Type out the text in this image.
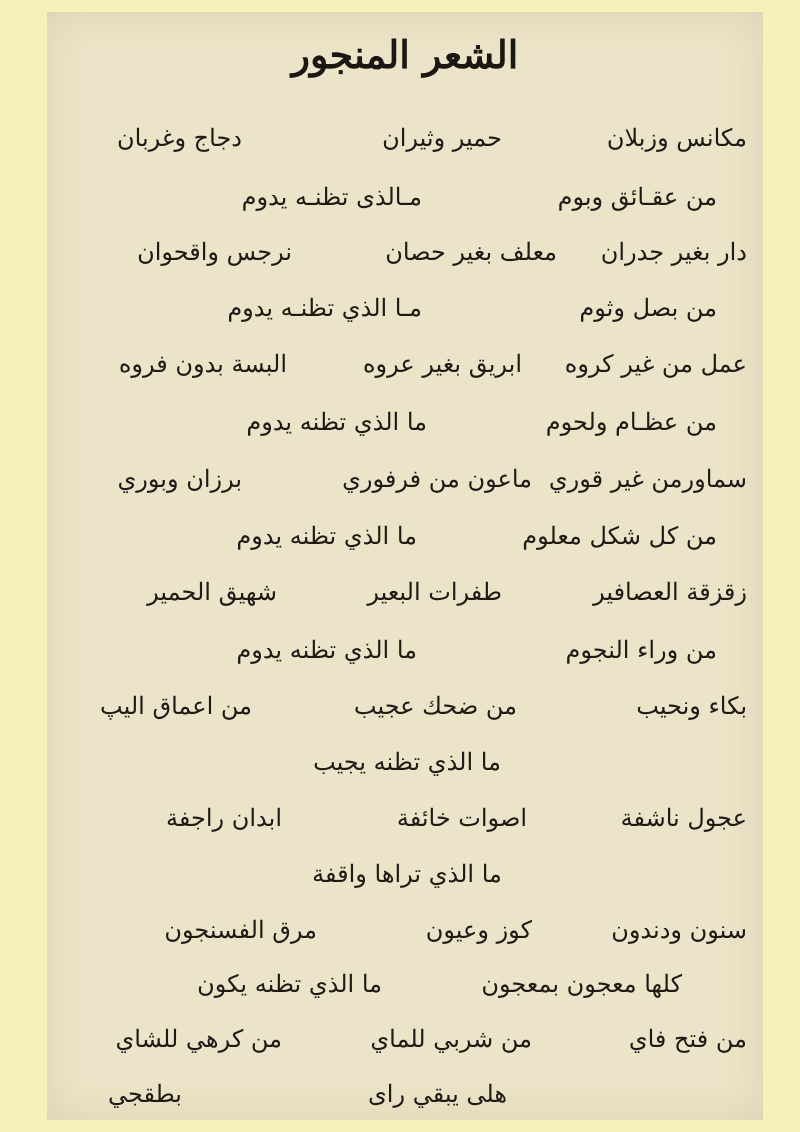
الشعر المنجور
مكانس وزبلان
حمير وثيران
دجاج وغربان
من عقـائق وبوم
مـالذى تظنـه يدوم
دار بغير جدران
معلف بغير حصان
نرجس واقحوان
من بصل وثوم
مـا الذي تظنـه يدوم
عمل من غير كروه
ابريق بغير عروه
البسة بدون فروه
من عظـام ولحوم
ما الذي تظنه يدوم
سماورمن غير قوري
ماعون من فرفوري
برزان وبوري
من كل شكل معلوم
ما الذي تظنه يدوم
زقزقة العصافير
طفرات البعير
شهيق الحمير
من وراء النجوم
ما الذي تظنه يدوم
بكاء ونحيب
من ضحك عجيب
من اعماق اليپ
ما الذي تظنه يجيب
عجول ناشفة
اصوات خائفة
ابدان راجفة
ما الذي تراها واقفة
سنون ودندون
كوز وعيون
مرق الفسنجون
كلها معجون بمعجون
ما الذي تظنه يكون
من فتح فاي
من شربي للماي
من كرهي للشاي
هلى يبقي راى
بطقجي
